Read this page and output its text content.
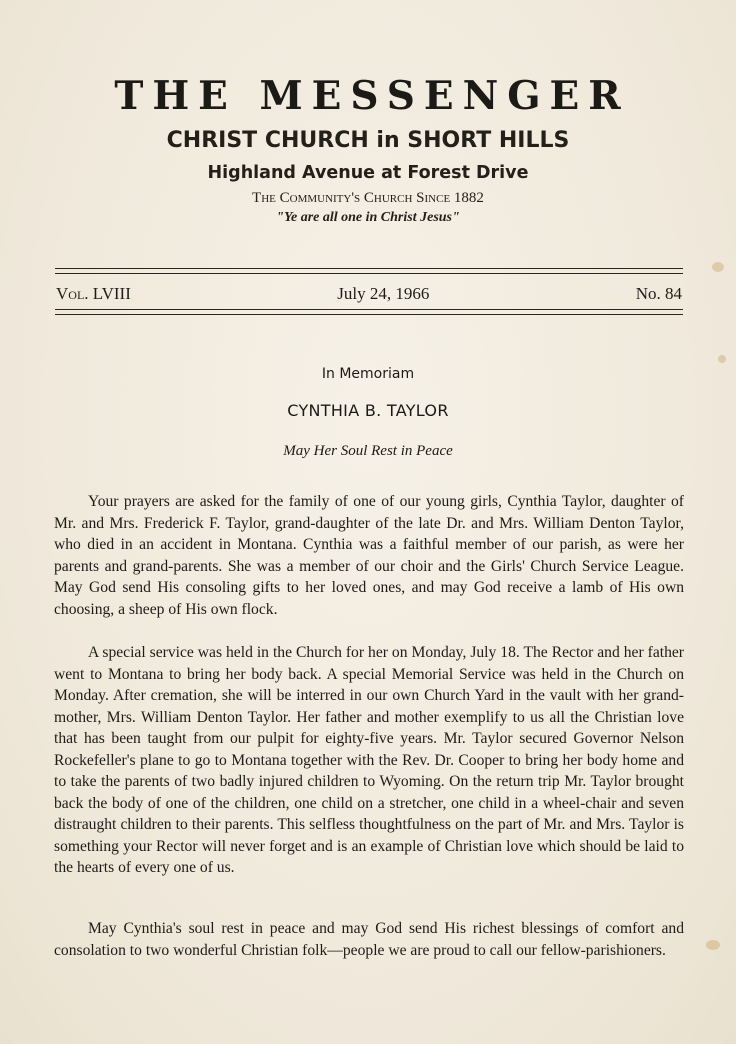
THE MESSENGER
CHRIST CHURCH in SHORT HILLS
Highland Avenue at Forest Drive
The Community's Church Since 1882
"Ye are all one in Christ Jesus"
Vol. LVIII	July 24, 1966	No. 84
In Memoriam
CYNTHIA B. TAYLOR
May Her Soul Rest in Peace

Your prayers are asked for the family of one of our young girls, Cynthia Taylor, daughter of Mr. and Mrs. Frederick F. Taylor, grand-daughter of the late Dr. and Mrs. William Denton Taylor, who died in an accident in Montana. Cynthia was a faithful member of our parish, as were her parents and grand-parents. She was a member of our choir and the Girls' Church Service League. May God send His consoling gifts to her loved ones, and may God receive a lamb of His own choosing, a sheep of His own flock.

A special service was held in the Church for her on Monday, July 18. The Rector and her father went to Montana to bring her body back. A special Memorial Service was held in the Church on Monday. After cremation, she will be interred in our own Church Yard in the vault with her grand-mother, Mrs. William Denton Taylor. Her father and mother exemplify to us all the Christian love that has been taught from our pulpit for eighty-five years. Mr. Taylor secured Governor Nelson Rockefeller's plane to go to Montana together with the Rev. Dr. Cooper to bring her body home and to take the parents of two badly injured children to Wyoming. On the return trip Mr. Taylor brought back the body of one of the children, one child on a stretcher, one child in a wheel-chair and seven distraught children to their parents. This selfless thoughtfulness on the part of Mr. and Mrs. Taylor is something your Rector will never forget and is an example of Christian love which should be laid to the hearts of every one of us.

May Cynthia's soul rest in peace and may God send His richest blessings of comfort and consolation to two wonderful Christian folk—people we are proud to call our fellow-parishioners.
